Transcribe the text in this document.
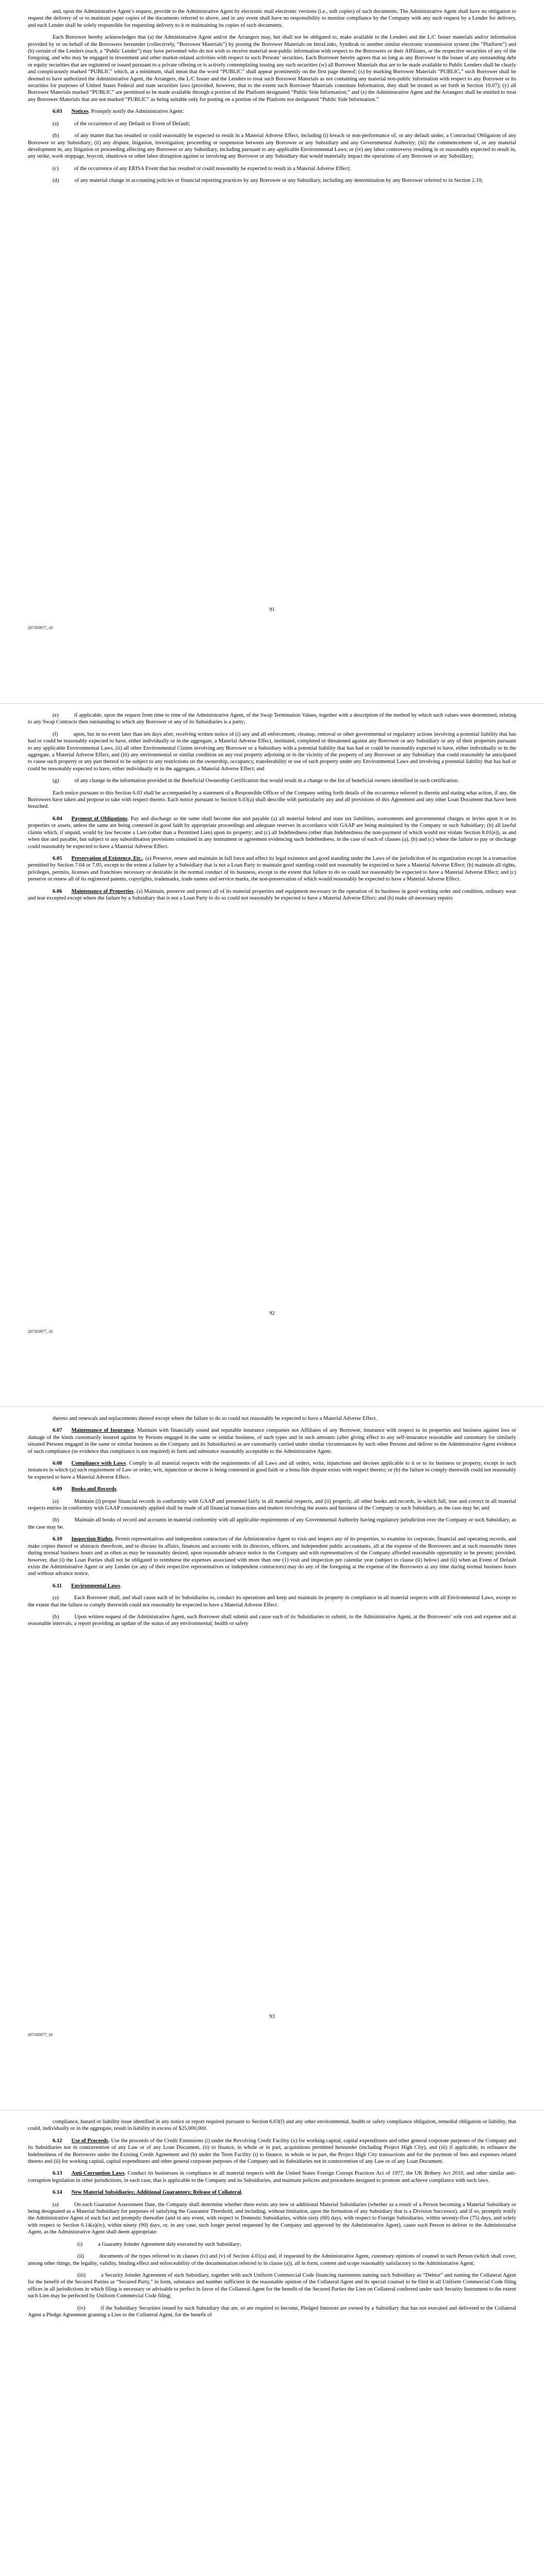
and, upon the Administrative Agent’s request, provide to the Administrative Agent by electronic mail electronic versions (i.e., soft copies) of such documents. The Administrative Agent shall have no obligation to request the delivery of or to maintain paper copies of the documents referred to above, and in any event shall have no responsibility to monitor compliance by the Company with any such request by a Lender for delivery, and each Lender shall be solely responsible for requesting delivery to it or maintaining its copies of such documents.

Each Borrower hereby acknowledges that (a) the Administrative Agent and/or the Arrangers may, but shall not be obligated to, make available to the Lenders and the L/C Issuer materials and/or information provided by or on behalf of the Borrowers hereunder (collectively, “Borrower Materials”) by posting the Borrower Materials on IntraLinks, Syndtrak or another similar electronic transmission system (the “Platform”) and (b) certain of the Lenders (each, a “Public Lender”) may have personnel who do not wish to receive material non-public information with respect to the Borrowers or their Affiliates, or the respective securities of any of the foregoing, and who may be engaged in investment and other market-related activities with respect to such Persons’ securities. Each Borrower hereby agrees that so long as any Borrower is the issuer of any outstanding debt or equity securities that are registered or issued pursuant to a private offering or is actively contemplating issuing any such securities (w) all Borrower Materials that are to be made available to Public Lenders shall be clearly and conspicuously marked “PUBLIC” which, at a minimum, shall mean that the word “PUBLIC” shall appear prominently on the first page thereof; (x) by marking Borrower Materials “PUBLIC,” such Borrower shall be deemed to have authorized the Administrative Agent, the Arrangers, the L/C Issuer and the Lenders to treat such Borrower Materials as not containing any material non-public information with respect to any Borrower or its securities for purposes of United States Federal and state securities laws (provided, however, that to the extent such Borrower Materials constitute Information, they shall be treated as set forth in Section 10.07); (y) all Borrower Materials marked “PUBLIC” are permitted to be made available through a portion of the Platform designated “Public Side Information;” and (z) the Administrative Agent and the Arrangers shall be entitled to treat any Borrower Materials that are not marked “PUBLIC” as being suitable only for posting on a portion of the Platform not designated “Public Side Information.”

6.03 Notices. Promptly notify the Administrative Agent:

(a)	of the occurrence of any Default or Event of Default;

(b)	of any matter that has resulted or could reasonably be expected to result in a Material Adverse Effect, including (i) breach or non-performance of, or any default under, a Contractual Obligation of any Borrower or any Subsidiary; (ii) any dispute, litigation, investigation, proceeding or suspension between any Borrower or any Subsidiary and any Governmental Authority; (iii) the commencement of, or any material development in, any litigation or proceeding affecting any Borrower or any Subsidiary, including pursuant to any applicable Environmental Laws; or (iv) any labor controversy resulting in or reasonably expected to result in, any strike, work stoppage, boycott, shutdown or other labor disruption against or involving any Borrower or any Subsidiary that would materially impact the operations of any Borrower or any Subsidiary;

(c)	of the occurrence of any ERISA Event that has resulted or could reasonably be expected to result in a Material Adverse Effect;

(d)	of any material change in accounting policies or financial reporting practices by any Borrower or any Subsidiary, including any determination by any Borrower referred to in Section 2.10;

91
207183977_10

(e)	if applicable, upon the request from time to time of the Administrative Agent, of the Swap Termination Values, together with a description of the method by which such values were determined, relating to any Swap Contracts then outstanding to which any Borrower or any of its Subsidiaries is a party;

(f)	upon, but in no event later than ten days after, receiving written notice of (i) any and all enforcement, cleanup, removal or other governmental or regulatory actions involving a potential liability that has had or could be reasonably expected to have, either individually or in the aggregate, a Material Adverse Effect, instituted, completed or threatened against any Borrower or any Subsidiary or any of their properties pursuant to any applicable Environmental Laws, (ii) all other Environmental Claims involving any Borrower or a Subsidiary with a potential liability that has had or could be reasonably expected to have, either individually or in the aggregate, a Material Adverse Effect, and (iii) any environmental or similar condition on any real property adjoining or in the vicinity of the property of any Borrower or any Subsidiary that could reasonably be anticipated to cause such property or any part thereof to be subject to any restrictions on the ownership, occupancy, transferability or use of such property under any Environmental Laws and involving a potential liability that has had or could be reasonably expected to have, either individually or in the aggregate, a Material Adverse Effect; and

(g)	of any change in the information provided in the Beneficial Ownership Certification that would result in a change to the list of beneficial owners identified in such certification.

Each notice pursuant to this Section 6.03 shall be accompanied by a statement of a Responsible Officer of the Company setting forth details of the occurrence referred to therein and stating what action, if any, the Borrowers have taken and propose to take with respect thereto. Each notice pursuant to Section 6.03(a) shall describe with particularity any and all provisions of this Agreement and any other Loan Document that have been breached.

6.04 Payment of Obligations. Pay and discharge as the same shall become due and payable (a) all material federal and state tax liabilities, assessments and governmental charges or levies upon it or its properties or assets, unless the same are being contested in good faith by appropriate proceedings and adequate reserves in accordance with GAAP are being maintained by the Company or such Subsidiary; (b) all lawful claims which, if unpaid, would by law become a Lien (other than a Permitted Lien) upon its property; and (c) all Indebtedness (other than Indebtedness the non-payment of which would not violate Section 8.01(e)), as and when due and payable, but subject to any subordination provisions contained in any instrument or agreement evidencing such Indebtedness, in the case of each of clauses (a), (b) and (c) where the failure to pay or discharge could reasonably be expected to have a Material Adverse Effect.

6.05 Preservation of Existence, Etc.. (a) Preserve, renew and maintain in full force and effect its legal existence and good standing under the Laws of the jurisdiction of its organization except in a transaction permitted by Section 7.04 or 7.05, except to the extent a failure by a Subsidiary that is not a Loan Party to maintain good standing could not reasonably be expected to have a Material Adverse Effect; (b) maintain all rights, privileges, permits, licenses and franchises necessary or desirable in the normal conduct of its business, except to the extent that failure to do so could not reasonably be expected to have a Material Adverse Effect; and (c) preserve or renew all of its registered patents, copyrights, trademarks, trade names and service marks, the non-preservation of which would reasonably be expected to have a Material Adverse Effect.

6.06 Maintenance of Properties. (a) Maintain, preserve and protect all of its material properties and equipment necessary in the operation of its business in good working order and condition, ordinary wear and tear excepted except where the failure by a Subsidiary that is not a Loan Party to do so could not reasonably be expected to have a Material Adverse Effect; and (b) make all necessary repairs

92
207183977_10

thereto and renewals and replacements thereof except where the failure to do so could not reasonably be expected to have a Material Adverse Effect.

6.07 Maintenance of Insurance. Maintain with financially sound and reputable insurance companies not Affiliates of any Borrower, insurance with respect to its properties and business against loss or damage of the kinds customarily insured against by Persons engaged in the same or similar business, of such types and in such amounts (after giving effect to any self-insurance reasonable and customary for similarly situated Persons engaged in the same or similar business as the Company and its Subsidiaries) as are customarily carried under similar circumstances by such other Persons and deliver to the Administrative Agent evidence of such compliance (or evidence that compliance is not required) in form and substance reasonably acceptable to the Administrative Agent.

6.08 Compliance with Laws. Comply in all material respects with the requirements of all Laws and all orders, writs, injunctions and decrees applicable to it or to its business or property, except in such instances in which (a) such requirement of Law or order, writ, injunction or decree is being contested in good faith or a bona fide dispute exists with respect thereto; or (b) the failure to comply therewith could not reasonably be expected to have a Material Adverse Effect.

6.09 Books and Records.

(a)	Maintain (i) proper financial records in conformity with GAAP and presented fairly in all material respects, and (ii) properly, all other books and records, in which full, true and correct in all material respects entries in conformity with GAAP consistently applied shall be made of all financial transactions and matters involving the assets and business of the Company or such Subsidiary, as the case may be; and

(b)	Maintain all books of record and accounts in material conformity with all applicable requirements of any Governmental Authority having regulatory jurisdiction over the Company or such Subsidiary, as the case may be.

6.10 Inspection Rights. Permit representatives and independent contractors of the Administrative Agent to visit and inspect any of its properties, to examine its corporate, financial and operating records, and make copies thereof or abstracts therefrom, and to discuss its affairs, finances and accounts with its directors, officers, and independent public accountants, all at the expense of the Borrowers and at such reasonable times during normal business hours and as often as may be reasonably desired, upon reasonable advance notice to the Company and with representatives of the Company afforded reasonable opportunity to be present; provided, however, that (i) the Loan Parties shall not be obligated to reimburse the expenses associated with more than one (1) visit and inspection per calendar year (subject to clause (ii) below) and (ii) when an Event of Default exists the Administrative Agent or any Lender (or any of their respective representatives or independent contractors) may do any of the foregoing at the expense of the Borrowers at any time during normal business hours and without advance notice.

6.11 Environmental Laws.

(a)	Each Borrower shall, and shall cause each of its Subsidiaries to, conduct its operations and keep and maintain its property in compliance in all material respects with all Environmental Laws, except to the extent that the failure to comply therewith could not reasonably be expected to have a Material Adverse Effect.

(b)	Upon written request of the Administrative Agent, each Borrower shall submit and cause each of its Subsidiaries to submit, to the Administrative Agent, at the Borrowers’ sole cost and expense and at reasonable intervals, a report providing an update of the status of any environmental, health or safety

93
207183977_10

compliance, hazard or liability issue identified in any notice or report required pursuant to Section 6.03(f) and any other environmental, health or safety compliance obligation, remedial obligation or liability, that could, individually or in the aggregate, result in liability in excess of $25,000,000.

6.12 Use of Proceeds. Use the proceeds of the Credit Extensions (i) under the Revolving Credit Facility (x) for working capital, capital expenditures and other general corporate purposes of the Company and its Subsidiaries not in contravention of any Law or of any Loan Document, (ii) to finance, in whole or in part, acquisitions permitted hereunder (including Project High City), and (iii) if applicable, to refinance the Indebtedness of the Borrowers under the Existing Credit Agreement and (b) under the Term Facility (i) to finance, in whole or in part, the Project High City transactions and for the payment of fees and expenses related thereto and (ii) for working capital, capital expenditures and other general corporate purposes of the Company and its Subsidiaries not in contravention of any Law or of any Loan Document.

6.13 Anti-Corruption Laws. Conduct its businesses in compliance in all material respects with the United States Foreign Corrupt Practices Act of 1977, the UK Bribery Act 2010, and other similar anti-corruption legislation in other jurisdictions, in each case, that is applicable to the Company and its Subsidiaries, and maintain policies and procedures designed to promote and achieve compliance with such laws.

6.14 New Material Subsidiaries; Additional Guarantors; Release of Collateral.

(a)	On each Guarantor Assessment Date, the Company shall determine whether there exists any new or additional Material Subsidiaries (whether as a result of a Person becoming a Material Subsidiary or being designated as a Material Subsidiary for purposes of satisfying the Guarantor Threshold, and including, without limitation, upon the formation of any Subsidiary that is a Division Successor), and if so, promptly notify the Administrative Agent of each fact and promptly thereafter (and in any event, with respect to Domestic Subsidiaries, within sixty (60) days, with respect to Foreign Subsidiaries, within seventy-five (75) days, and solely with respect to Section 6.14(a)(iv), within ninety (90) days, or, in any case, such longer period requested by the Company and approved by the Administrative Agent), cause such Person to deliver to the Administrative Agent, as the Administrative Agent shall deem appropriate:

(i)	a Guaranty Joinder Agreement duly executed by such Subsidiary;

(ii)	documents of the types referred to in clauses (iv) and (v) of Section 4.01(a) and, if requested by the Administrative Agent, customary opinions of counsel to such Person (which shall cover, among other things, the legality, validity, binding effect and enforceability of the documentation referred to in clause (a)), all in form, content and scope reasonably satisfactory to the Administrative Agent;

(iii)	a Security Joinder Agreement of such Subsidiary, together with such Uniform Commercial Code financing statements naming such Subsidiary as “Debtor” and naming the Collateral Agent for the benefit of the Secured Parties as “Secured Party,” in form, substance and number sufficient in the reasonable opinion of the Collateral Agent and its special counsel to be filed in all Uniform Commercial Code filing offices in all jurisdictions in which filing is necessary or advisable to perfect in favor of the Collateral Agent for the benefit of the Secured Parties the Lien on Collateral conferred under such Security Instrument to the extent such Lien may be perfected by Uniform Commercial Code filing;

(iv)	if the Subsidiary Securities issued by such Subsidiary that are, or are required to become, Pledged Interests are owned by a Subsidiary that has not executed and delivered to the Collateral Agent a Pledge Agreement granting a Lien to the Collateral Agent, for the benefit of
